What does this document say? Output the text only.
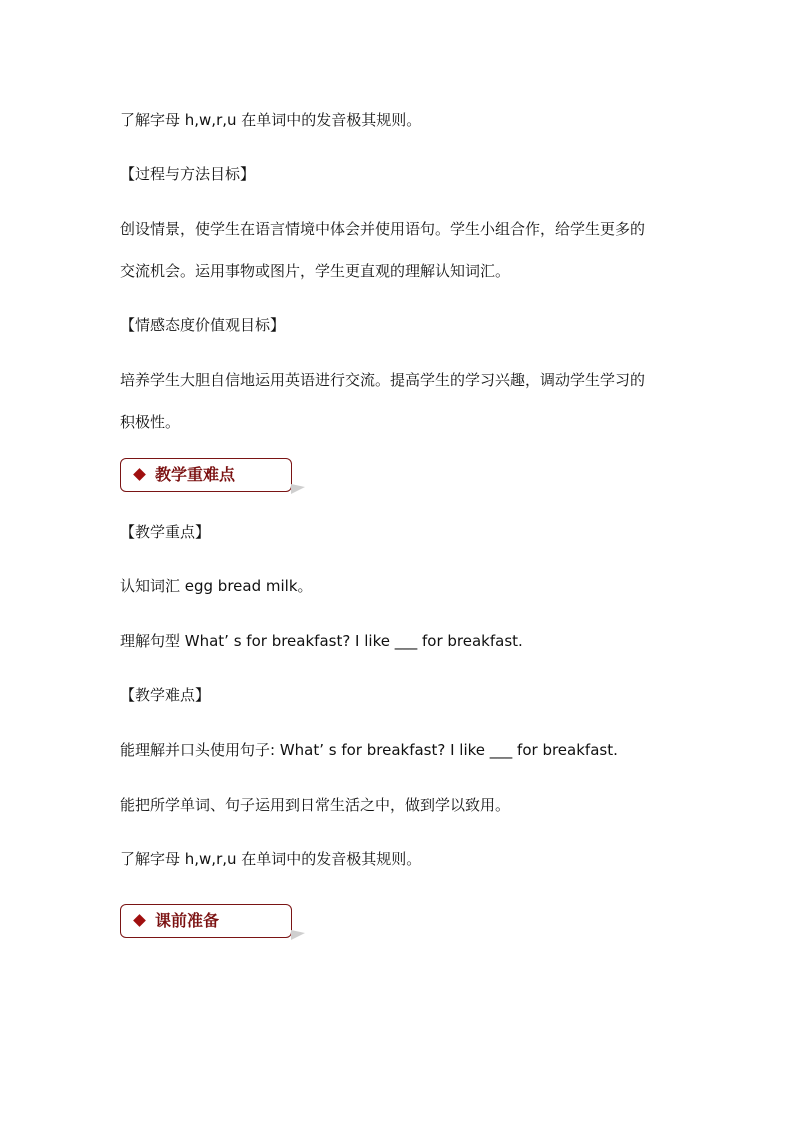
了解字母 h,w,r,u 在单词中的发音极其规则。
【过程与方法目标】
创设情景，使学生在语言情境中体会并使用语句。学生小组合作，给学生更多的
交流机会。运用事物或图片，学生更直观的理解认知词汇。
【情感态度价值观目标】
培养学生大胆自信地运用英语进行交流。提高学生的学习兴趣，调动学生学习的
积极性。
教学重难点
【教学重点】
认知词汇 egg bread milk。
理解句型 What’ s for breakfast? I like ___ for breakfast.
【教学难点】
能理解并口头使用句子: What’ s for breakfast? I like ___ for breakfast.
能把所学单词、句子运用到日常生活之中，做到学以致用。
了解字母 h,w,r,u 在单词中的发音极其规则。
课前准备
